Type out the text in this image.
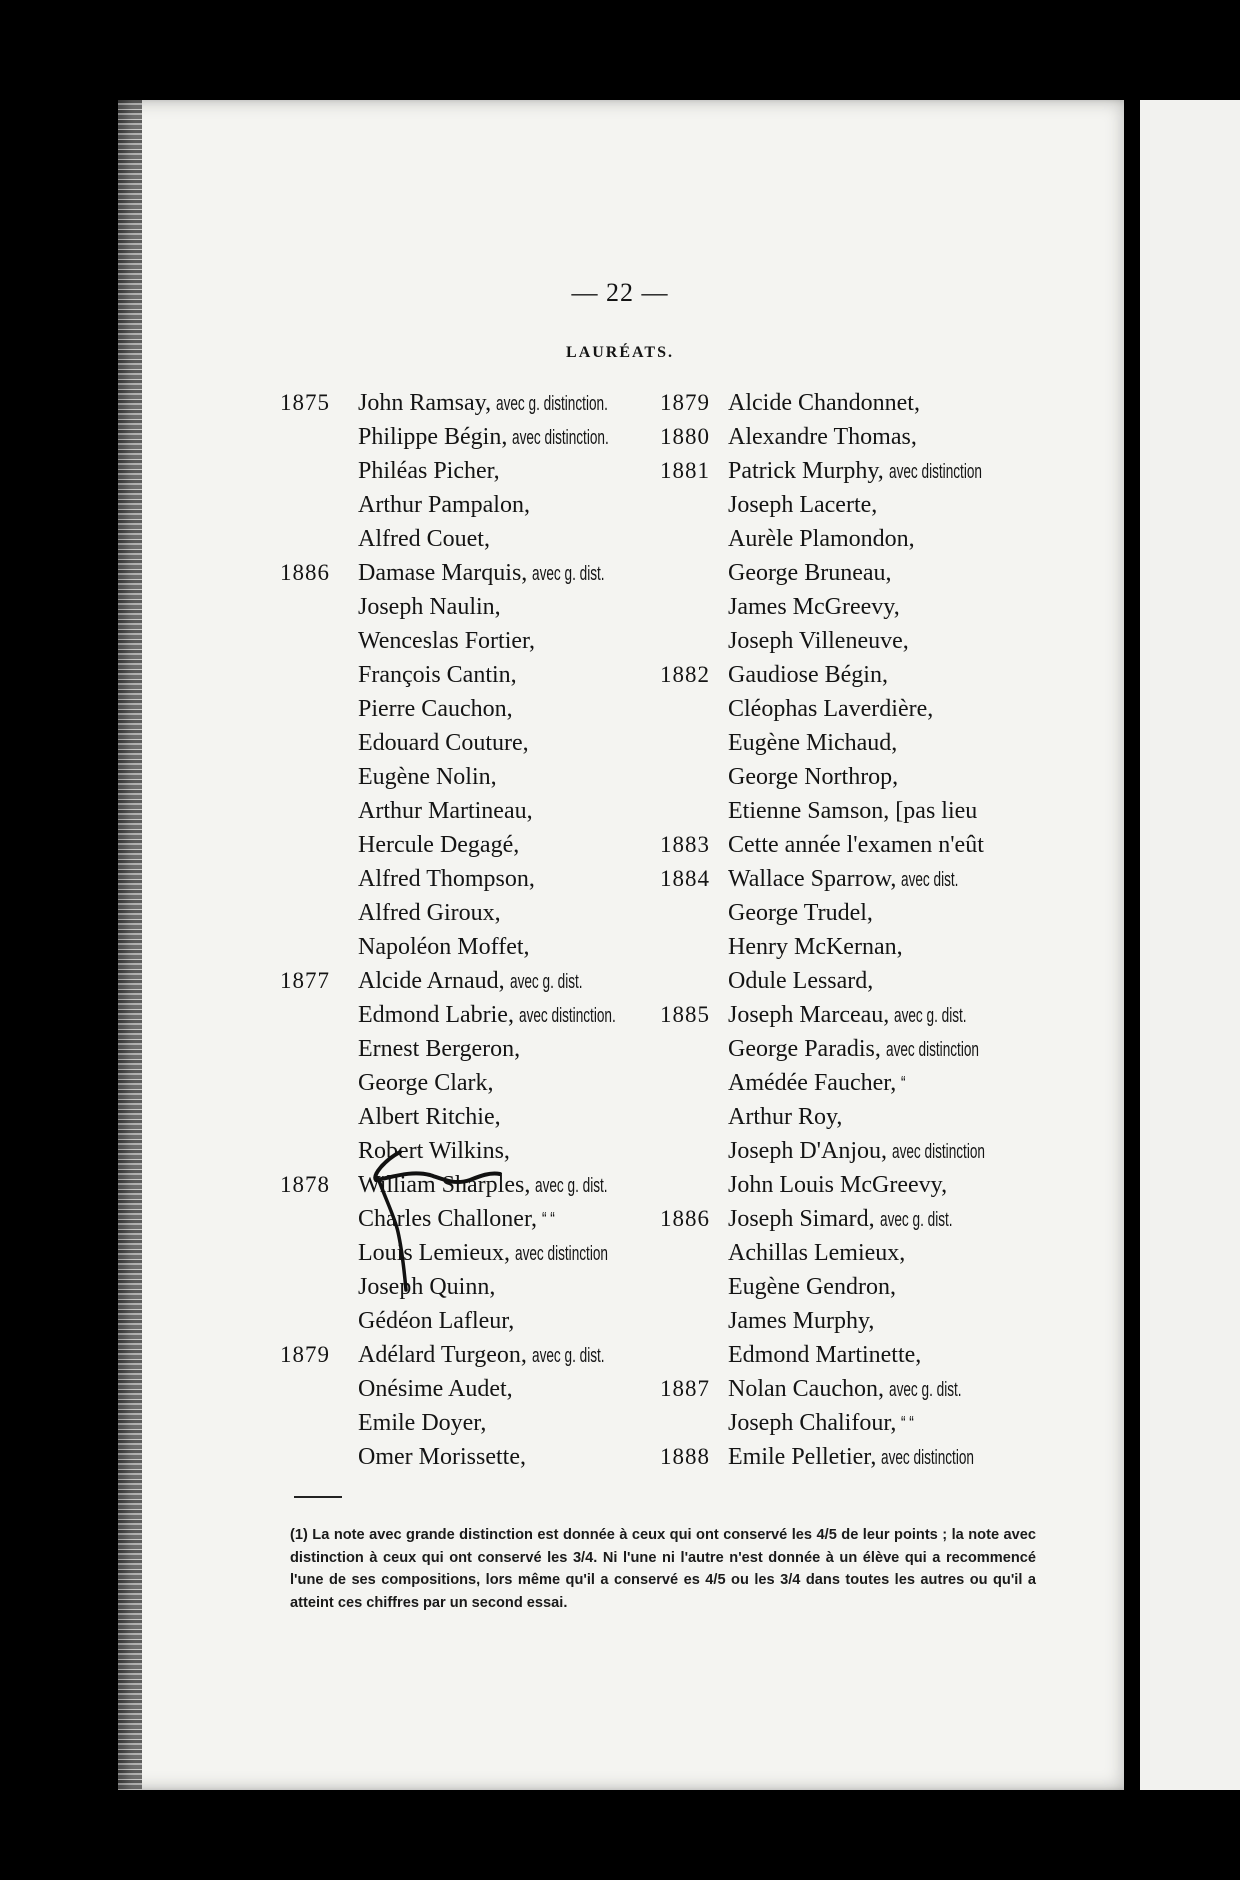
— 22 —
LAURÉATS.
1875	John Ramsay, avec g. distinction.
Philippe Bégin, avec distinction.
Philéas Picher,
Arthur Pampalon,
Alfred Couet,
1886	Damase Marquis, avec g. dist.
Joseph Naulin,
Wenceslas Fortier,
François Cantin,
Pierre Cauchon,
Edouard Couture,
Eugène Nolin,
Arthur Martineau,
Hercule Degagé,
Alfred Thompson,
Alfred Giroux,
Napoléon Moffet,
1877	Alcide Arnaud, avec g. dist.
Edmond Labrie, avec distinction.
Ernest Bergeron,
George Clark,
Albert Ritchie,
Robert Wilkins,
1878	William Sharples, avec g. dist.
Charles Challoner, “ “
Louis Lemieux, avec distinction
Joseph Quinn,
Gédéon Lafleur,
1879	Adélard Turgeon, avec g. dist.
Onésime Audet,
Emile Doyer,
Omer Morissette,
1879 Alcide Chandonnet,
1880 Alexandre Thomas,
1881 Patrick Murphy, avec distinction
Joseph Lacerte,
Aurèle Plamondon,
George Bruneau,
James McGreevy,
Joseph Villeneuve,
1882 Gaudiose Bégin,
Cléophas Laverdière,
Eugène Michaud,
George Northrop,
Etienne Samson, [pas lieu
1883 Cette année l'examen n'eût
1884 Wallace Sparrow, avec dist.
George Trudel,
Henry McKernan,
Odule Lessard,
1885 Joseph Marceau, avec g. dist.
George Paradis, avec distinction
Amédée Faucher, “
Arthur Roy,
Joseph D'Anjou, avec distinction
John Louis McGreevy,
1886 Joseph Simard, avec g. dist.
Achillas Lemieux,
Eugène Gendron,
James Murphy,
Edmond Martinette,
1887 Nolan Cauchon, avec g. dist.
Joseph Chalifour, “ “
1888 Emile Pelletier, avec distinction
(1) La note avec grande distinction est donnée à ceux qui ont conservé les 4/5 de leur points ; la note avec distinction à ceux qui ont conservé les 3/4. Ni l'une ni l'autre n'est donnée à un élève qui a recommencé l'une de ses compositions, lors même qu'il a conservé es 4/5 ou les 3/4 dans toutes les autres ou qu'il a atteint ces chiffres par un second essai.
